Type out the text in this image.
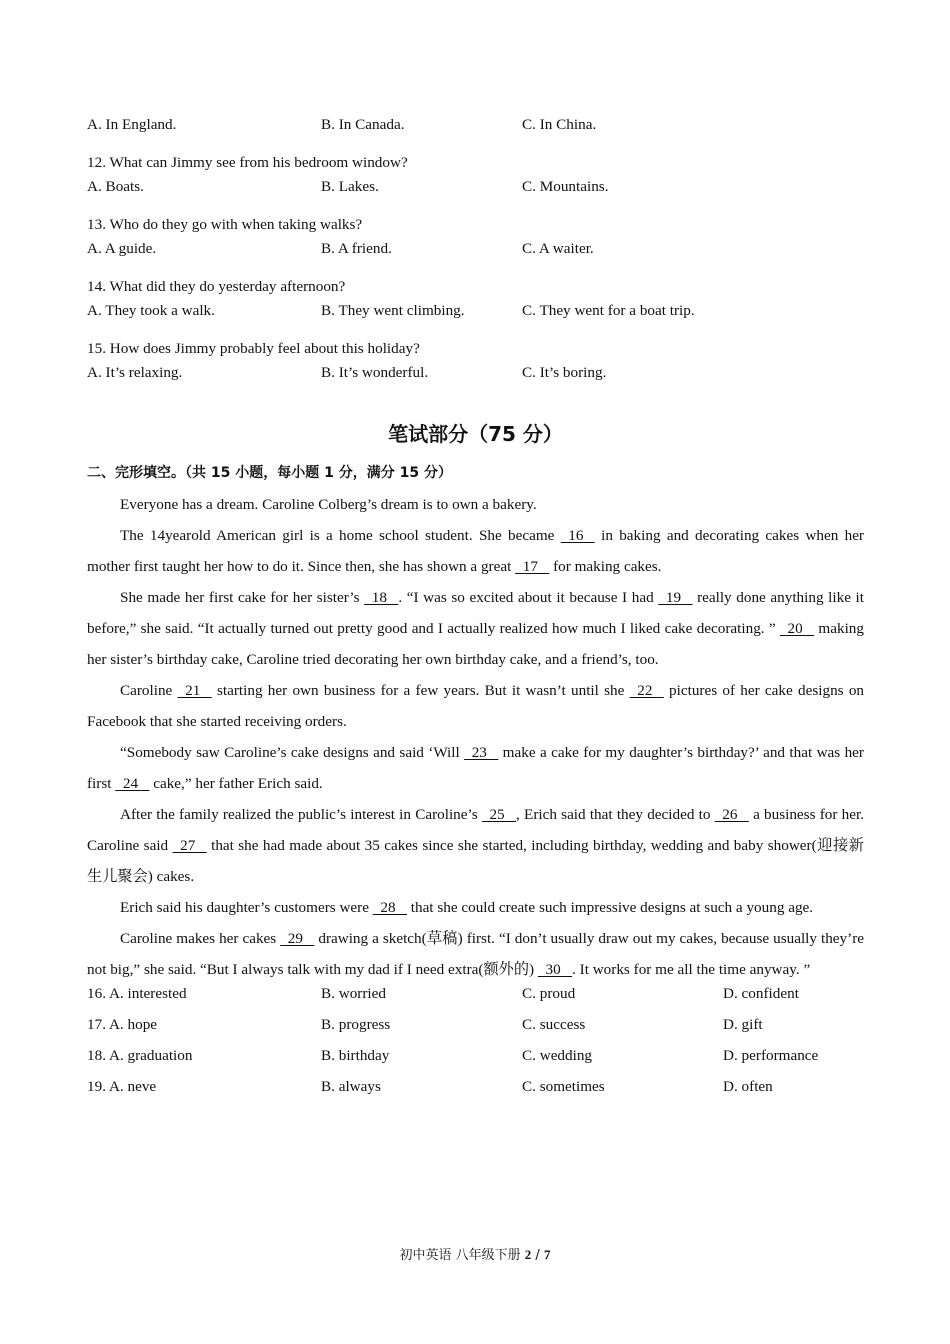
A. In England.	B. In Canada.	C. In China.
12. What can Jimmy see from his bedroom window?
A. Boats.	B. Lakes.	C. Mountains.
13. Who do they go with when taking walks?
A. A guide.	B. A friend.	C. A waiter.
14. What did they do yesterday afternoon?
A. They took a walk.	B. They went climbing.	C. They went for a boat trip.
15. How does Jimmy probably feel about this holiday?
A. It’s relaxing.	B. It’s wonderful.	C. It’s boring.
笔试部分（75 分）
二、完形填空。（共 15 小题，每小题 1 分，满分 15 分）

Everyone has a dream. Caroline Colberg’s dream is to own a bakery.

The 14yearold American girl is a home school student. She became   16    in baking and decorating cakes when her mother first taught her how to do it. Since then, she has shown a great   17    for making cakes.

She made her first cake for her sister’s   18   . “I was so excited about it because I had   19    really done anything like it before,” she said. “It actually turned out pretty good and I actually realized how much I liked cake decorating. ”   20    making her sister’s birthday cake, Caroline tried decorating her own birthday cake, and a friend’s, too.

Caroline   21    starting her own business for a few years. But it wasn’t until she   22    pictures of her cake designs on Facebook that she started receiving orders.

“Somebody saw Caroline’s cake designs and said ‘Will   23    make a cake for my daughter’s birthday?’ and that was her first   24    cake,” her father Erich said.

After the family realized the public’s interest in Caroline’s   25   , Erich said that they decided to   26    a business for her. Caroline said   27    that she had made about 35 cakes since she started, including birthday, wedding and baby shower(迎接新生儿聚会) cakes.

Erich said his daughter’s customers were   28    that she could create such impressive designs at such a young age.

Caroline makes her cakes   29    drawing a sketch(草稿) first. “I don’t usually draw out my cakes, because usually they’re not big,” she said. “But I always talk with my dad if I need extra(额外的)   30   . It works for me all the time anyway. ”

16. A. interested	B. worried	C. proud	D. confident
17. A. hope	B. progress	C. success	D. gift
18. A. graduation	B. birthday	C. wedding	D. performance
19. A. neve	B. always	C. sometimes	D. often
初中英语 八年级下册 2 / 7
